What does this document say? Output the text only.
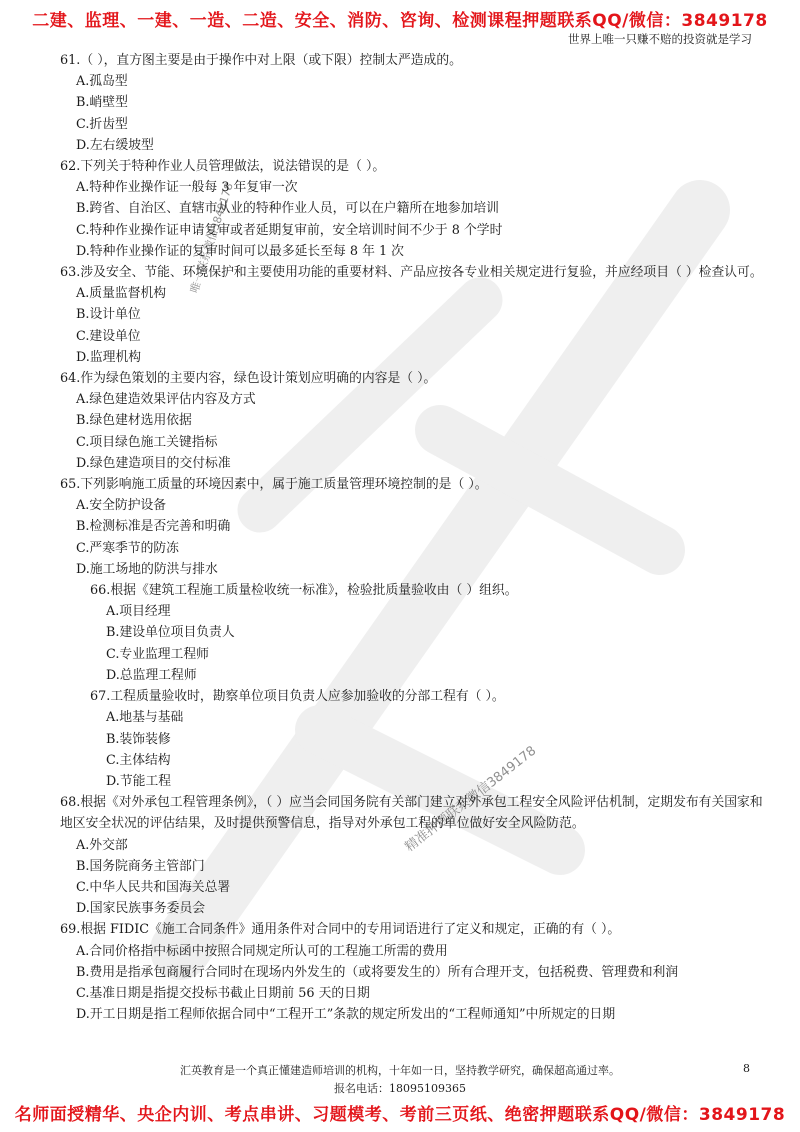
二建、监理、一建、一造、二造、安全、消防、咨询、检测课程押题联系QQ/微信：3849178
世界上唯一只赚不赔的投资就是学习
唯一联系微信3849178
精准押题联系微信3849178

61.（ ），直方图主要是由于操作中对上限（或下限）控制太严造成的。

A.孤岛型

B.峭壁型

C.折齿型

D.左右缓坡型

62.下列关于特种作业人员管理做法，说法错误的是（ ）。

A.特种作业操作证一般每 3 年复审一次

B.跨省、自治区、直辖市从业的特种作业人员，可以在户籍所在地参加培训

C.特种作业操作证申请复审或者延期复审前，安全培训时间不少于 8 个学时

D.特种作业操作证的复审时间可以最多延长至每 8 年 1 次

63.涉及安全、节能、环境保护和主要使用功能的重要材料、产品应按各专业相关规定进行复验，并应经项目（ ）检查认可。

A.质量监督机构

B.设计单位

C.建设单位

D.监理机构

64.作为绿色策划的主要内容，绿色设计策划应明确的内容是（ ）。

A.绿色建造效果评估内容及方式

B.绿色建材选用依据

C.项目绿色施工关键指标

D.绿色建造项目的交付标准

65.下列影响施工质量的环境因素中，属于施工质量管理环境控制的是（ ）。

A.安全防护设备

B.检测标准是否完善和明确

C.严寒季节的防冻

D.施工场地的防洪与排水

66.根据《建筑工程施工质量检收统一标准》，检验批质量验收由（ ）组织。

A.项目经理

B.建设单位项目负责人

C.专业监理工程师

D.总监理工程师

67.工程质量验收时，勘察单位项目负责人应参加验收的分部工程有（ ）。

A.地基与基础

B.装饰装修

C.主体结构

D.节能工程

68.根据《对外承包工程管理条例》，（ ）应当会同国务院有关部门建立对外承包工程安全风险评估机制，定期发布有关国家和地区安全状况的评估结果，及时提供预警信息，指导对外承包工程的单位做好安全风险防范。

A.外交部

B.国务院商务主管部门

C.中华人民共和国海关总署

D.国家民族事务委员会

69.根据 FIDIC《施工合同条件》通用条件对合同中的专用词语进行了定义和规定，正确的有（ ）。

A.合同价格指中标函中按照合同规定所认可的工程施工所需的费用

B.费用是指承包商履行合同时在现场内外发生的（或将要发生的）所有合理开支，包括税费、管理费和利润

C.基准日期是指提交投标书截止日期前 56 天的日期

D.开工日期是指工程师依据合同中“工程开工”条款的规定所发出的“工程师通知”中所规定的日期

汇英教育是一个真正懂建造师培训的机构，十年如一日，坚持教学研究，确保超高通过率。	8
报名电话：18095109365
名师面授精华、央企内训、考点串讲、习题模考、考前三页纸、绝密押题联系QQ/微信：3849178
